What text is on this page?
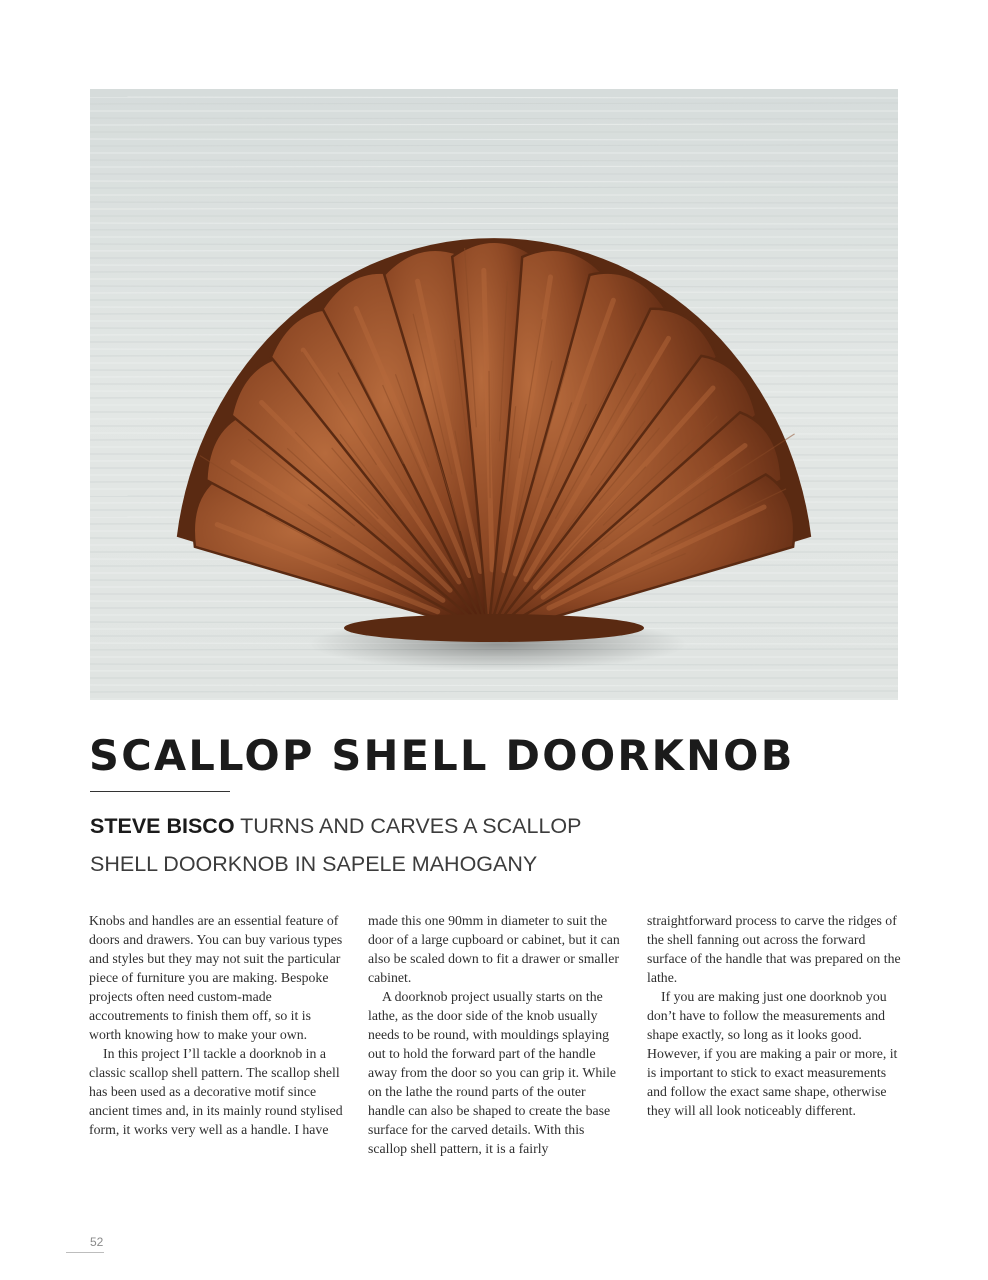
SCALLOP SHELL DOORKNOB

STEVE BISCO TURNS AND CARVES A SCALLOP
SHELL DOORKNOB IN SAPELE MAHOGANY

Knobs and handles are an essential feature of doors and drawers. You can buy various types and styles but they may not suit the particular piece of furniture you are making. Bespoke projects often need custom-made accoutrements to finish them off, so it is worth knowing how to make your own.

In this project I’ll tackle a doorknob in a classic scallop shell pattern. The scallop shell has been used as a decorative motif since ancient times and, in its mainly round stylised form, it works very well as a handle. I have

made this one 90mm in diameter to suit the door of a large cupboard or cabinet, but it can also be scaled down to fit a drawer or smaller cabinet.

A doorknob project usually starts on the lathe, as the door side of the knob usually needs to be round, with mouldings splaying out to hold the forward part of the handle away from the door so you can grip it. While on the lathe the round parts of the outer handle can also be shaped to create the base surface for the carved details. With this scallop shell pattern, it is a fairly

straightforward process to carve the ridges of the shell fanning out across the forward surface of the handle that was prepared on the lathe.

If you are making just one doorknob you don’t have to follow the measurements and shape exactly, so long as it looks good. However, if you are making a pair or more, it is important to stick to exact measurements and follow the exact same shape, otherwise they will all look noticeably different.

52
